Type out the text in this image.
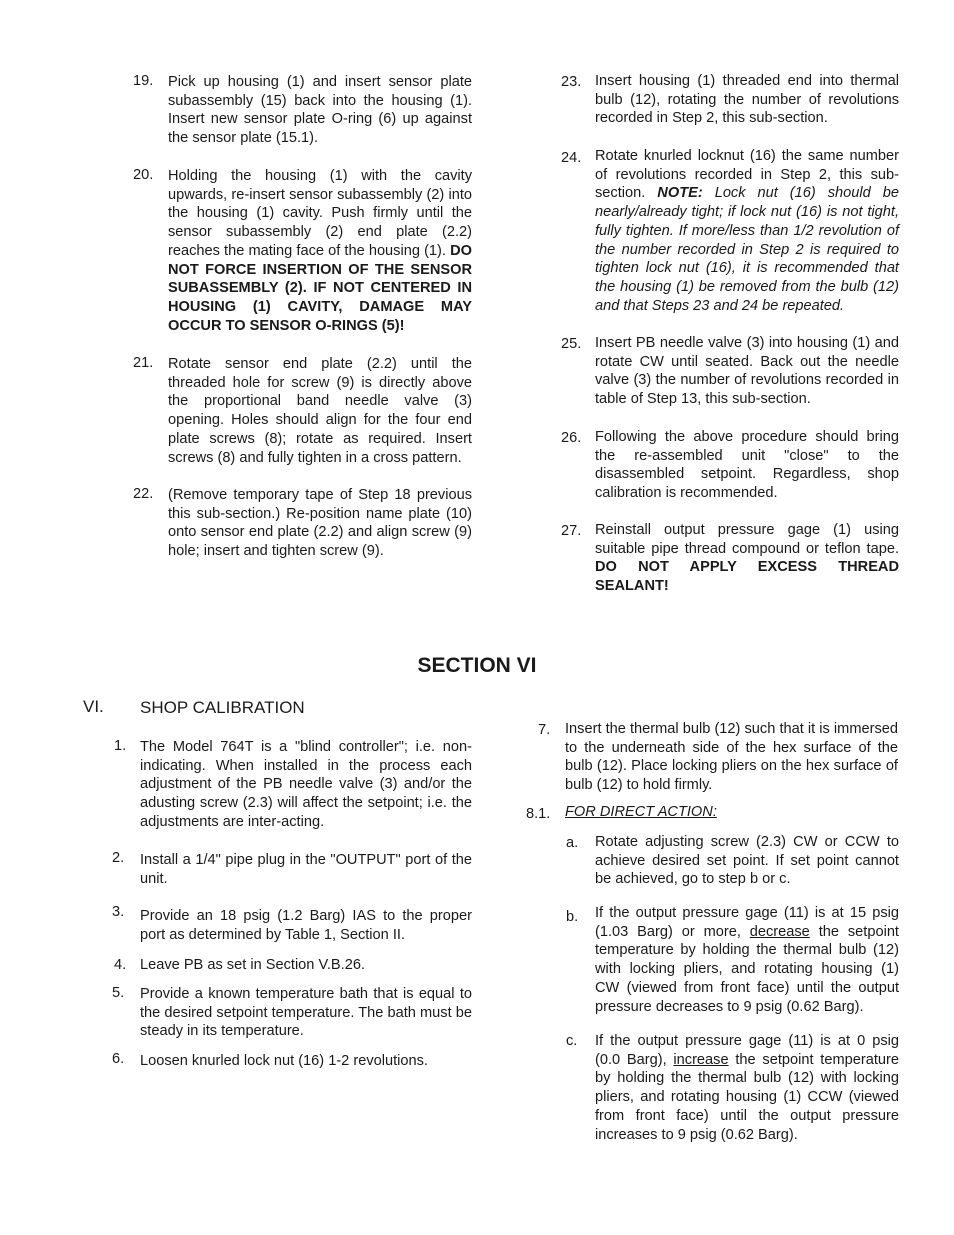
19. Pick up housing (1) and insert sensor plate subassembly (15) back into the housing (1). Insert new sensor plate O-ring (6) up against the sensor plate (15.1).
20. Holding the housing (1) with the cavity upwards, re-insert sensor subassembly (2) into the housing (1) cavity. Push firmly until the sensor subassembly (2) end plate (2.2) reaches the mating face of the housing (1). DO NOT FORCE INSERTION OF THE SENSOR SUBASSEMBLY (2). IF NOT CENTERED IN HOUSING (1) CAVITY, DAMAGE MAY OCCUR TO SENSOR O-RINGS (5)!
21. Rotate sensor end plate (2.2) until the threaded hole for screw (9) is directly above the proportional band needle valve (3) opening. Holes should align for the four end plate screws (8); rotate as required. Insert screws (8) and fully tighten in a cross pattern.
22. (Remove temporary tape of Step 18 previous this sub-section.) Re-position name plate (10) onto sensor end plate (2.2) and align screw (9) hole; insert and tighten screw (9).
23. Insert housing (1) threaded end into thermal bulb (12), rotating the number of revolutions recorded in Step 2, this sub-section.
24. Rotate knurled locknut (16) the same number of revolutions recorded in Step 2, this sub-section. NOTE: Lock nut (16) should be nearly/already tight; if lock nut (16) is not tight, fully tighten. If more/less than 1/2 revolution of the number recorded in Step 2 is required to tighten lock nut (16), it is recommended that the housing (1) be removed from the bulb (12) and that Steps 23 and 24 be repeated.
25. Insert PB needle valve (3) into housing (1) and rotate CW until seated. Back out the needle valve (3) the number of revolutions recorded in table of Step 13, this sub-section.
26. Following the above procedure should bring the re-assembled unit "close" to the disassembled setpoint. Regardless, shop calibration is recommended.
27. Reinstall output pressure gage (1) using suitable pipe thread compound or teflon tape. DO NOT APPLY EXCESS THREAD SEALANT!
SECTION VI
VI. SHOP CALIBRATION
1. The Model 764T is a "blind controller"; i.e. non-indicating. When installed in the process each adjustment of the PB needle valve (3) and/or the adusting screw (2.3) will affect the setpoint; i.e. the adjustments are inter-acting.
2. Install a 1/4" pipe plug in the "OUTPUT" port of the unit.
3. Provide an 18 psig (1.2 Barg) IAS to the proper port as determined by Table 1, Section II.
4. Leave PB as set in Section V.B.26.
5. Provide a known temperature bath that is equal to the desired setpoint temperature. The bath must be steady in its temperature.
6. Loosen knurled lock nut (16) 1-2 revolutions.
7. Insert the thermal bulb (12) such that it is immersed to the underneath side of the hex surface of the bulb (12). Place locking pliers on the hex surface of bulb (12) to hold firmly.
8.1. FOR DIRECT ACTION:
a. Rotate adjusting screw (2.3) CW or CCW to achieve desired set point. If set point cannot be achieved, go to step b or c.
b. If the output pressure gage (11) is at 15 psig (1.03 Barg) or more, decrease the setpoint temperature by holding the thermal bulb (12) with locking pliers, and rotating housing (1) CW (viewed from front face) until the output pressure decreases to 9 psig (0.62 Barg).
c. If the output pressure gage (11) is at 0 psig (0.0 Barg), increase the setpoint temperature by holding the thermal bulb (12) with locking pliers, and rotating housing (1) CCW (viewed from front face) until the output pressure increases to 9 psig (0.62 Barg).
